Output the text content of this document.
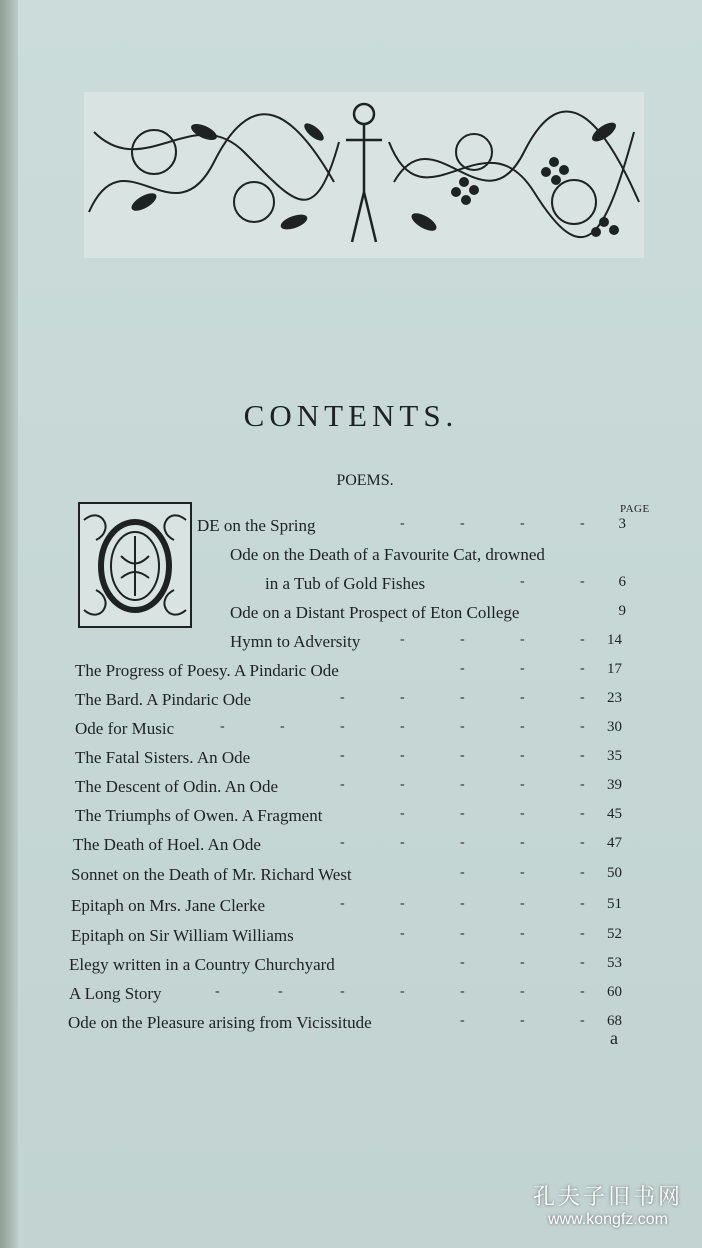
CONTENTS.
POEMS.
PAGE
DE on the Spring	-	-	-	-	3
Ode on the Death of a Favourite Cat, drowned
in a Tub of Gold Fishes	-	-	6
Ode on a Distant Prospect of Eton College	9
Hymn to Adversity	-	-	-	-	14
The Progress of Poesy. A Pindaric Ode	-	-	-	17
The Bard. A Pindaric Ode	-	-	-	-	-	23
Ode for Music	-	-	-	-	-	-	-	30
The Fatal Sisters. An Ode	-	-	-	-	-	35
The Descent of Odin. An Ode	-	-	-	-	-	39
The Triumphs of Owen. A Fragment	-	-	-	-	45
The Death of Hoel. An Ode	-	-	-	-	-	47
Sonnet on the Death of Mr. Richard West	-	-	-	50
Epitaph on Mrs. Jane Clerke	-	-	-	-	-	51
Epitaph on Sir William Williams	-	-	-	-	52
Elegy written in a Country Churchyard	-	-	-	53
A Long Story	-	-	-	-	-	-	-	60
Ode on the Pleasure arising from Vicissitude	-	-	-	68
a
孔夫子旧书网
www.kongfz.com
